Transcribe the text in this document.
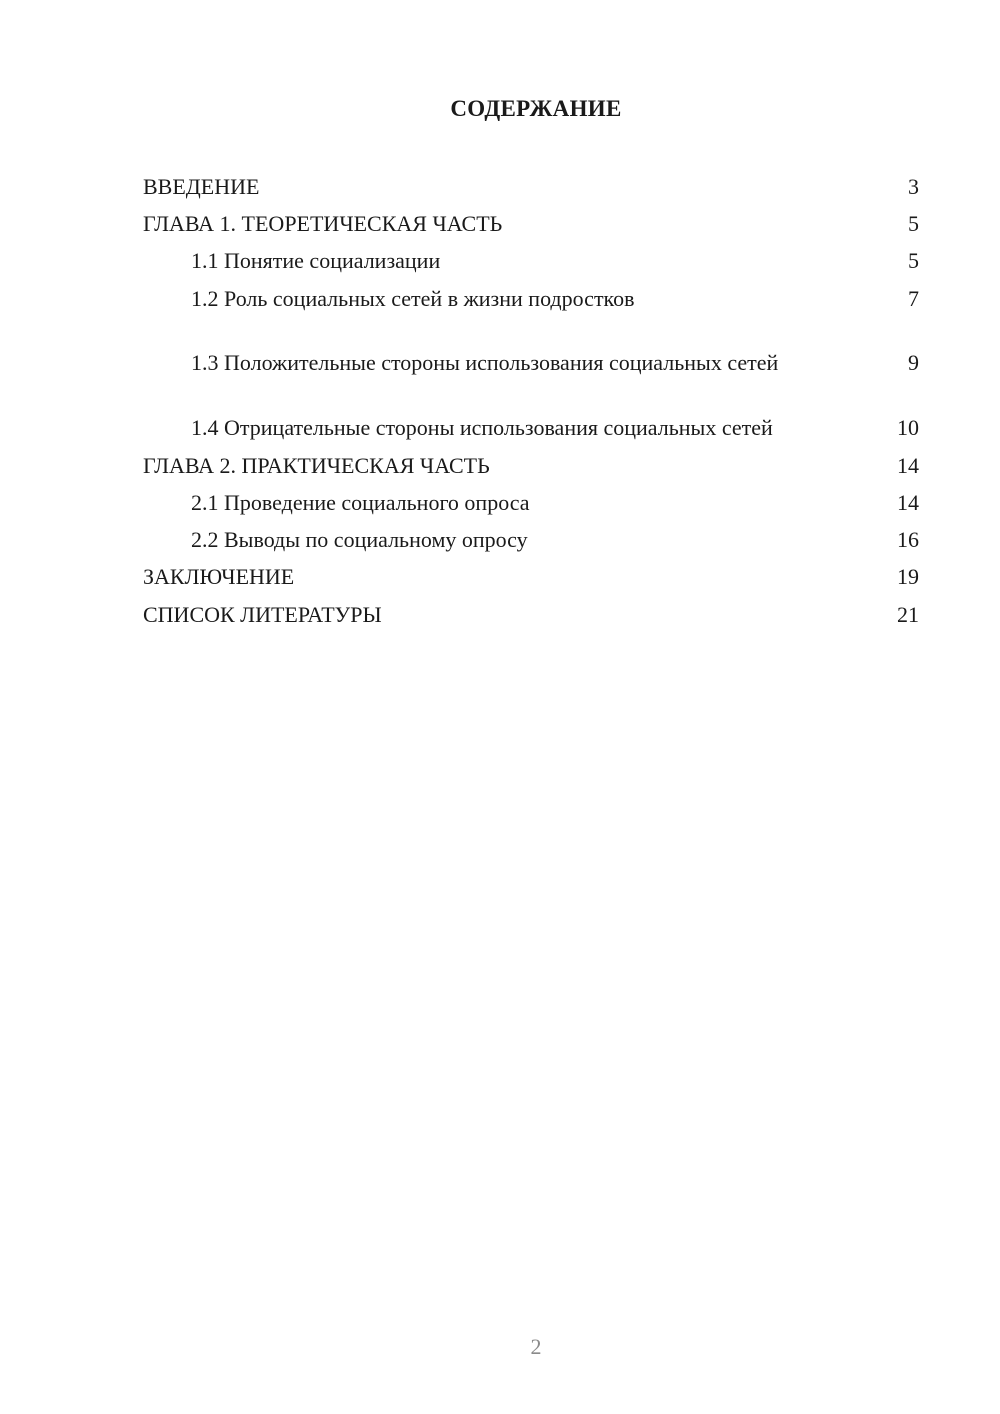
СОДЕРЖАНИЕ
ВВЕДЕНИЕ	3
ГЛАВА 1. ТЕОРЕТИЧЕСКАЯ ЧАСТЬ	5
1.1 Понятие социализации	5
1.2 Роль социальных сетей в жизни подростков	7
1.3 Положительные стороны использования социальных сетей	9
1.4 Отрицательные стороны использования социальных сетей	10
ГЛАВА 2. ПРАКТИЧЕСКАЯ ЧАСТЬ	14
2.1 Проведение социального опроса	14
2.2 Выводы по социальному опросу	16
ЗАКЛЮЧЕНИЕ	19
СПИСОК ЛИТЕРАТУРЫ	21
2
